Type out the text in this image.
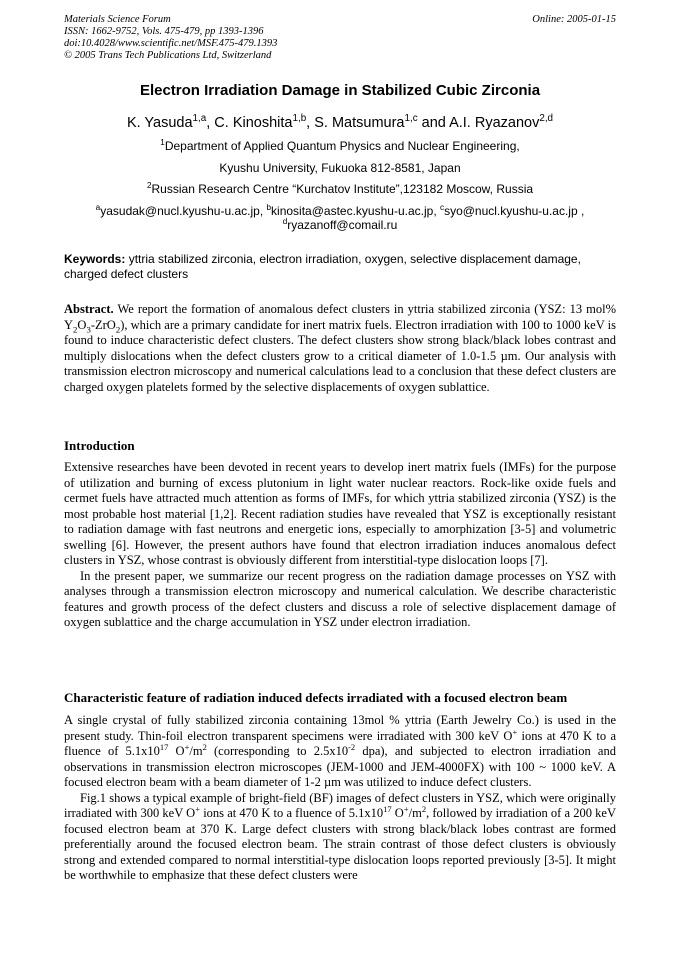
Materials Science Forum	Online: 2005-01-15
ISSN: 1662-9752, Vols. 475-479, pp 1393-1396
doi:10.4028/www.scientific.net/MSF.475-479.1393
© 2005 Trans Tech Publications Ltd, Switzerland
Electron Irradiation Damage in Stabilized Cubic Zirconia
K. Yasuda$^{1,a}$, C. Kinoshita$^{1,b}$, S. Matsumura$^{1,c}$ and A.I. Ryazanov$^{2,d}$
$^1$Department of Applied Quantum Physics and Nuclear Engineering,
Kyushu University, Fukuoka 812-8581, Japan
$^2$Russian Research Centre “Kurchatov Institute”,123182 Moscow, Russia
$^a$yasudak@nucl.kyushu-u.ac.jp, $^b$kinosita@astec.kyushu-u.ac.jp, $^c$syo@nucl.kyushu-u.ac.jp ,
$^d$ryazanoff@comail.ru
Keywords: yttria stabilized zirconia, electron irradiation, oxygen, selective displacement damage, charged defect clusters

Abstract. We report the formation of anomalous defect clusters in yttria stabilized zirconia (YSZ: 13 mol% $Y_2O_3-ZrO_2$), which are a primary candidate for inert matrix fuels. Electron irradiation with 100 to 1000 keV is found to induce characteristic defect clusters. The defect clusters show strong black/black lobes contrast and multiply dislocations when the defect clusters grow to a critical diameter of 1.0-1.5 µm. Our analysis with transmission electron microscopy and numerical calculations lead to a conclusion that these defect clusters are charged oxygen platelets formed by the selective displacements of oxygen sublattice.

Introduction

Extensive researches have been devoted in recent years to develop inert matrix fuels (IMFs) for the purpose of utilization and burning of excess plutonium in light water nuclear reactors. Rock-like oxide fuels and cermet fuels have attracted much attention as forms of IMFs, for which yttria stabilized zirconia (YSZ) is the most probable host material [1,2]. Recent radiation studies have revealed that YSZ is exceptionally resistant to radiation damage with fast neutrons and energetic ions, especially to amorphization [3-5] and volumetric swelling [6]. However, the present authors have found that electron irradiation induces anomalous defect clusters in YSZ, whose contrast is obviously different from interstitial-type dislocation loops [7].

In the present paper, we summarize our recent progress on the radiation damage processes on YSZ with analyses through a transmission electron microscopy and numerical calculation. We describe characteristic features and growth process of the defect clusters and discuss a role of selective displacement damage of oxygen sublattice and the charge accumulation in YSZ under electron irradiation.

Characteristic feature of radiation induced defects irradiated with a focused electron beam

A single crystal of fully stabilized zirconia containing 13mol % yttria (Earth Jewelry Co.) is used in the present study. Thin-foil electron transparent specimens were irradiated with 300 keV O+ ions at 470 K to a fluence of $5.1x10^{17}$ $O^+/m^2$ (corresponding to $2.5x10^{-2}$ dpa), and subjected to electron irradiation and observations in transmission electron microscopes (JEM-1000 and JEM-4000FX) with 100 ~ 1000 keV. A focused electron beam with a beam diameter of 1-2 µm was utilized to induce defect clusters.

Fig.1 shows a typical example of bright-field (BF) images of defect clusters in YSZ, which were originally irradiated with 300 keV O+ ions at 470 K to a fluence of $5.1x10^{17}$ $O^+/m^2$, followed by irradiation of a 200 keV focused electron beam at 370 K. Large defect clusters with strong black/black lobes contrast are formed preferentially around the focused electron beam. The strain contrast of those defect clusters is obviously strong and extended compared to normal interstitial-type dislocation loops reported previously [3-5]. It might be worthwhile to emphasize that these defect clusters were
